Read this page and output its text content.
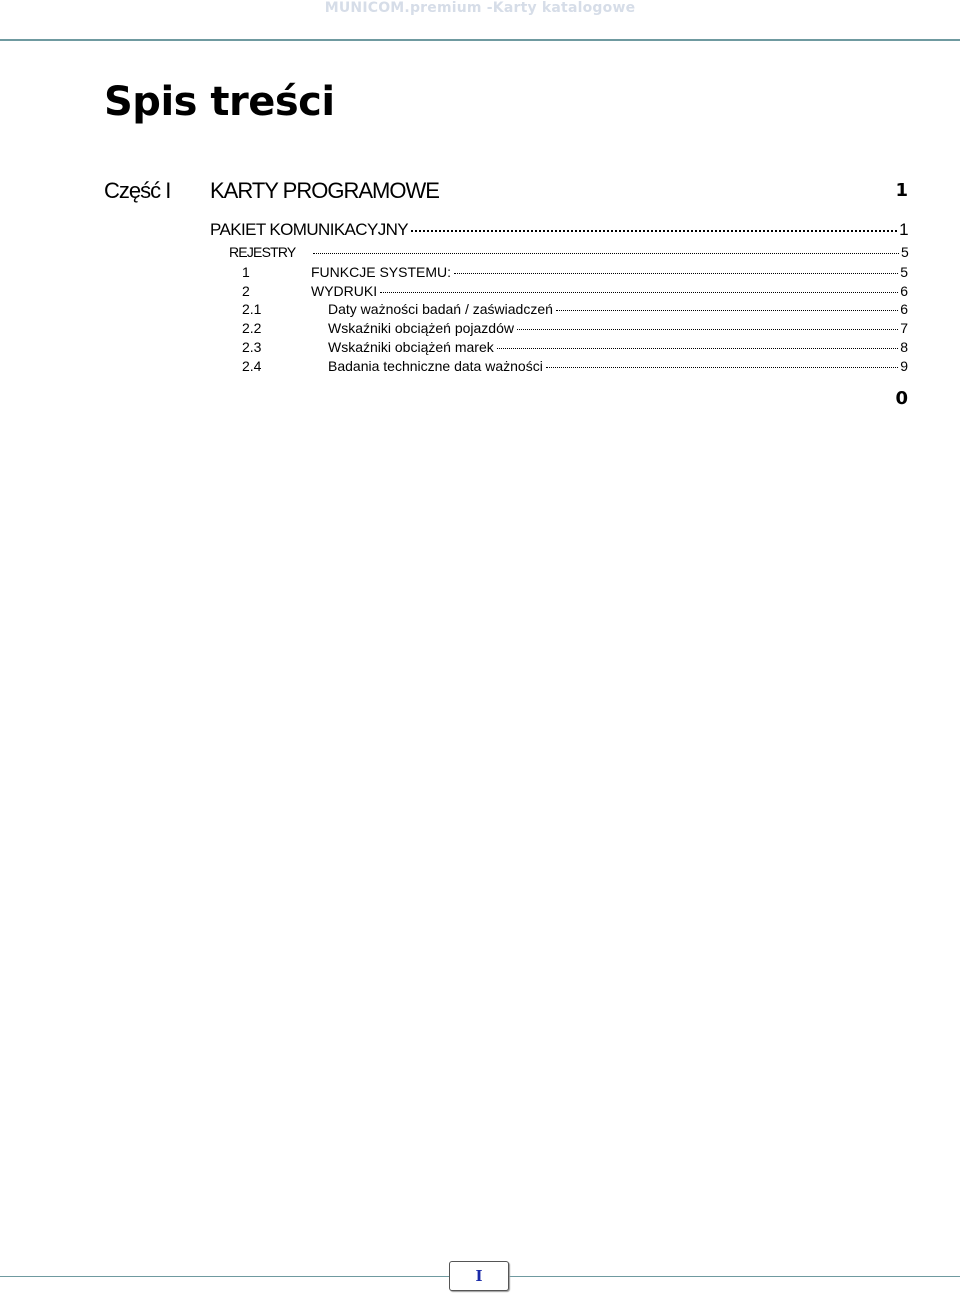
MUNICOM.premium -Karty katalogowe
Spis treści
Część I KARTY PROGRAMOWE	1
PAKIET KOMUNIKACYJNY	1
REJESTRY	5
1	FUNKCJE SYSTEMU:	5
2	WYDRUKI	6
2.1	Daty ważności badań / zaświadczeń	6
2.2	Wskaźniki obciążeń pojazdów	7
2.3	Wskaźniki obciążeń marek	8
2.4	Badania techniczne data ważności	9
0
I
